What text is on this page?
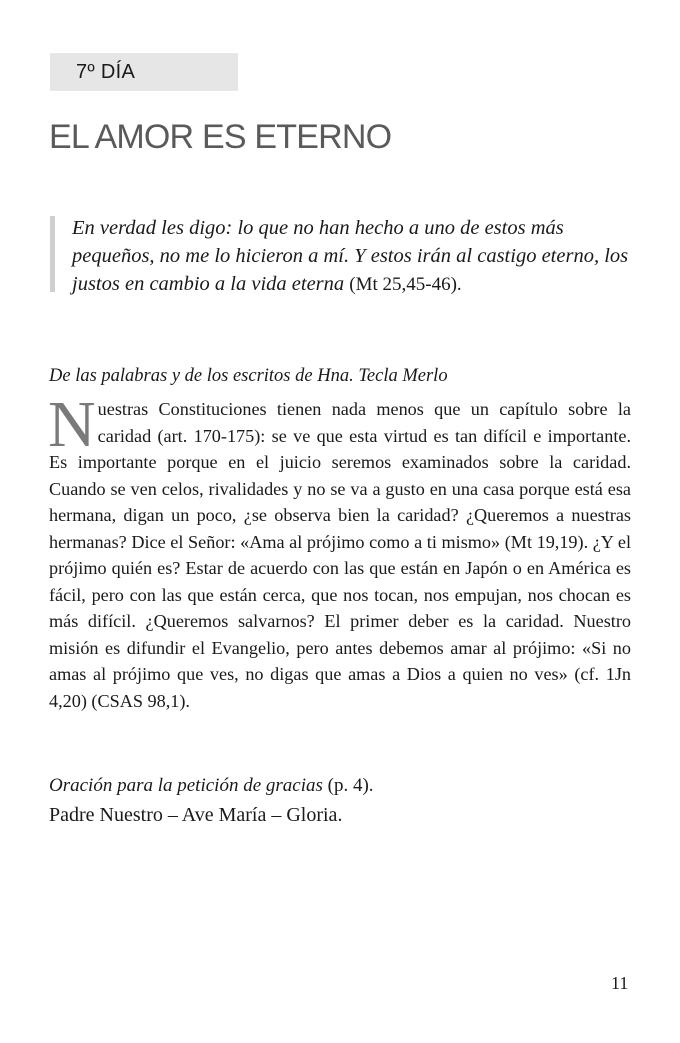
7º DÍA
EL AMOR ES ETERNO
En verdad les digo: lo que no han hecho a uno de estos más pequeños, no me lo hicieron a mí. Y estos irán al castigo eterno, los justos en cambio a la vida eterna (Mt 25,45-46).
De las palabras y de los escritos de Hna. Tecla Merlo

Nuestras Constituciones tienen nada menos que un capítulo sobre la caridad (art. 170-175): se ve que esta virtud es tan difícil e importante. Es importante porque en el juicio seremos examinados sobre la caridad. Cuando se ven celos, rivalidades y no se va a gusto en una casa porque está esa hermana, digan un poco, ¿se observa bien la caridad? ¿Queremos a nuestras hermanas? Dice el Señor: «Ama al prójimo como a ti mismo» (Mt 19,19). ¿Y el prójimo quién es? Estar de acuerdo con las que están en Japón o en América es fácil, pero con las que están cerca, que nos tocan, nos empujan, nos chocan es más difícil. ¿Queremos salvarnos? El primer deber es la caridad. Nuestro misión es difundir el Evangelio, pero antes debemos amar al prójimo: «Si no amas al prójimo que ves, no digas que amas a Dios a quien no ves» (cf. 1Jn 4,20) (CSAS 98,1).

Oración para la petición de gracias (p. 4).
Padre Nuestro – Ave María – Gloria.
11
